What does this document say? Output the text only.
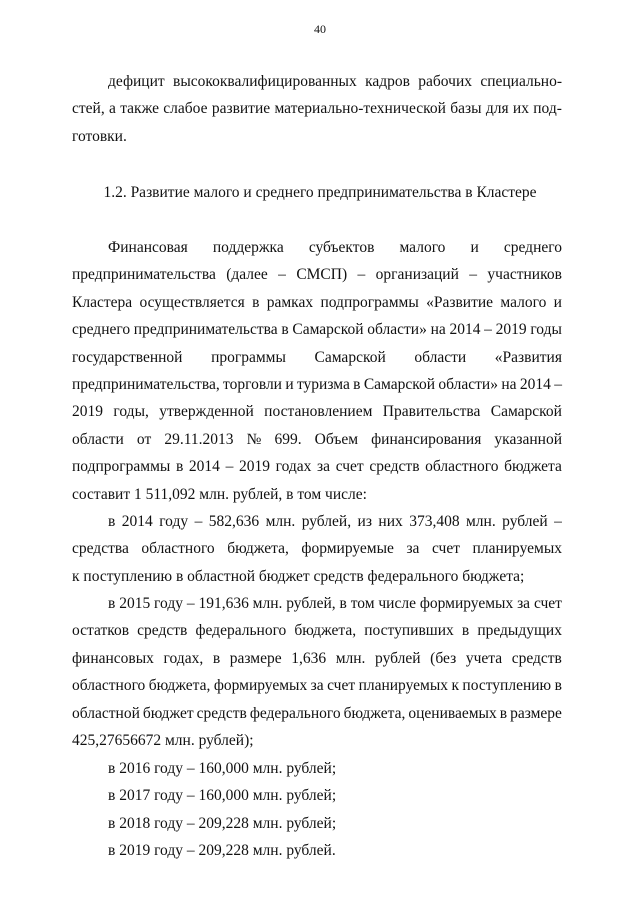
40
дефицит высококвалифицированных кадров рабочих специально-
стей, а также слабое развитие материально-технической базы для их под-
готовки.
1.2. Развитие малого и среднего предпринимательства в Кластере
Финансовая поддержка субъектов малого и среднего
предпринимательства (далее – СМСП) – организаций – участников
Кластера осуществляется в рамках подпрограммы «Развитие малого и
среднего предпринимательства в Самарской области» на 2014 – 2019 годы
государственной программы Самарской области «Развития
предпринимательства, торговли и туризма в Самарской области» на 2014 –
2019 годы, утвержденной постановлением Правительства Самарской
области от 29.11.2013 № 699. Объем финансирования указанной
подпрограммы в 2014 – 2019 годах за счет средств областного бюджета
составит 1 511,092 млн. рублей, в том числе:
в 2014 году – 582,636 млн. рублей, из них 373,408 млн. рублей –
средства областного бюджета, формируемые за счет планируемых
к поступлению в областной бюджет средств федерального бюджета;
в 2015 году – 191,636 млн. рублей, в том числе формируемых за счет
остатков средств федерального бюджета, поступивших в предыдущих
финансовых годах, в размере 1,636 млн. рублей (без учета средств
областного бюджета, формируемых за счет планируемых к поступлению в
областной бюджет средств федерального бюджета, оцениваемых в размере
425,27656672 млн. рублей);
в 2016 году – 160,000 млн. рублей;
в 2017 году – 160,000 млн. рублей;
в 2018 году – 209,228 млн. рублей;
в 2019 году – 209,228 млн. рублей.
